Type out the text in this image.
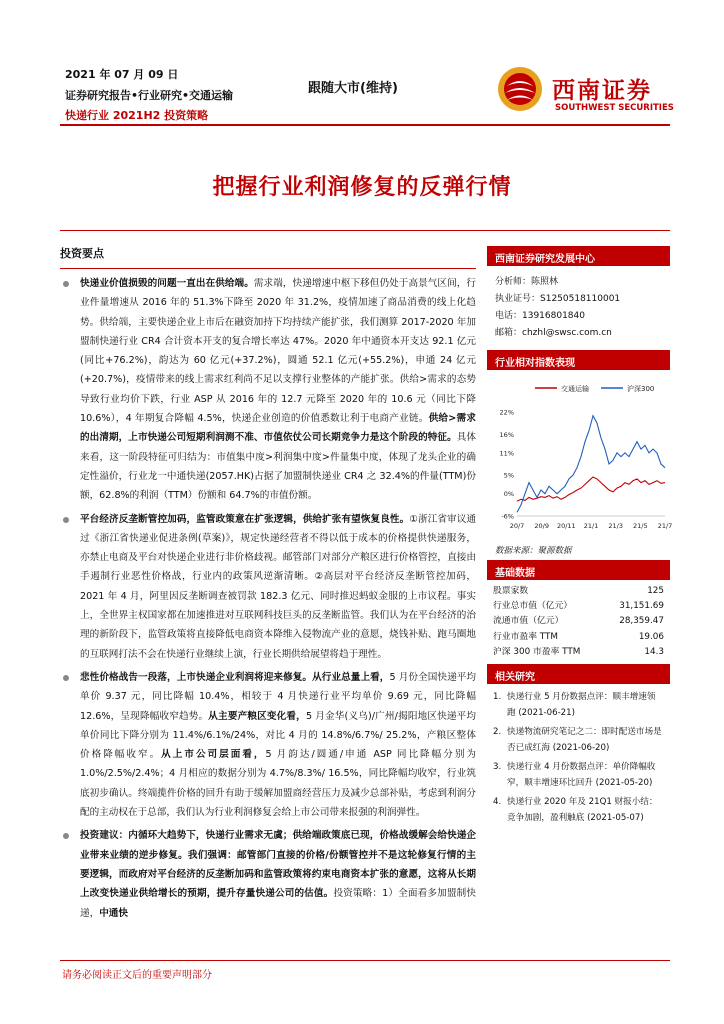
2021 年 07 月 09 日
证券研究报告•行业研究•交通运输
快递行业 2021H2 投资策略
跟随大市(维持)	西南证券
SOUTHWEST SECURITIES
把握行业利润修复的反弹行情
投资要点
快递业价值损毁的问题一直出在供给端。需求端，快递增速中枢下移但仍处于高景气区间，行业件量增速从 2016 年的 51.3%下降至 2020 年 31.2%，疫情加速了商品消费的线上化趋势。供给端，主要快递企业上市后在融资加持下均持续产能扩张，我们测算 2017-2020 年加盟制快递行业 CR4 合计资本开支的复合增长率达 47%。2020 年中通资本开支达 92.1 亿元(同比+76.2%)，韵达为 60 亿元(+37.2%)，圆通 52.1 亿元(+55.2%)，申通 24 亿元(+20.7%)，疫情带来的线上需求红利尚不足以支撑行业整体的产能扩张。供给>需求的态势导致行业均价下跌，行业 ASP 从 2016 年的 12.7 元降至 2020 年的 10.6 元（同比下降 10.6%），4 年期复合降幅 4.5%，快递企业创造的价值悉数让利于电商产业链。供给>需求的出清期，上市快递公司短期利润测不准、市值依仗公司长期竞争力是这个阶段的特征。具体来看，这一阶段特征可归结为：市值集中度>利润集中度>件量集中度，体现了龙头企业的确定性溢价，行业龙一中通快递(2057.HK)占据了加盟制快递业 CR4 之 32.4%的件量(TTM)份额，62.8%的利润（TTM）份额和 64.7%的市值份额。
平台经济反垄断管控加码，监管政策意在扩张逻辑，供给扩张有望恢复良性。①浙江省审议通过《浙江省快递业促进条例(草案)》，规定快递经营者不得以低于成本的价格提供快递服务，亦禁止电商及平台对快递企业进行非价格歧视。邮管部门对部分产粮区进行价格管控，直接由手遏制行业恶性价格战，行业内的政策风逆渐清晰。②高层对平台经济反垄断管控加码，2021 年 4 月，阿里因反垄断调查被罚款 182.3 亿元、同时推迟蚂蚁金服的上市议程。事实上，全世界主权国家都在加速推进对互联网科技巨头的反垄断监管。我们认为在平台经济的治理的新阶段下，监管政策将直接降低电商资本降维入侵物流产业的意愿，烧钱补贴、跑马圈地的互联网打法不会在快递行业继续上演，行业长期供给展望将趋于理性。
悲性价格战告一段落，上市快递企业利润将迎来修复。从行业总量上看，5 月份全国快递平均单价 9.37 元，同比降幅 10.4%，相较于 4 月快递行业平均单价 9.69 元，同比降幅 12.6%，呈现降幅收窄趋势。从主要产粮区变化看，5 月金华(义乌)/广州/揭阳地区快递平均单价同比下降分别为 11.4%/6.1%/24%，对比 4 月的 14.8%/6.7%/ 25.2%，产粮区整体价格降幅收窄。从上市公司层面看，5 月韵达/圆通/申通 ASP 同比降幅分别为 1.0%/2.5%/2.4%；4 月相应的数据分别为 4.7%/8.3%/ 16.5%，同比降幅均收窄，行业筑底初步确认。终端揽件价格的回升有助于缓解加盟商经营压力及减少总部补贴，考虑到利润分配的主动权在于总部，我们认为行业利润修复会给上市公司带来报强的利润弹性。
投资建议：内循环大趋势下，快递行业需求无虞；供给端政策底已现，价格战缓解会给快递企业带来业绩的逆步修复。我们强调：邮管部门直接的价格/份额管控并不是这轮修复行情的主要逻辑，而政府对平台经济的反垄断加码和监管政策将约束电商资本扩张的意愿，这将从长期上改变快递业供给增长的预期，提升存量快递公司的估值。投资策略：1）全面看多加盟制快递，中通快
西南证券研究发展中心
分析师：陈照林
执业证号：S1250518110001
电话：13916801840
邮箱：chzhl@swsc.com.cn
行业相对指数表现
交通运输	沪深300
22%
16%
11%
5%
0%
-6%
20/7 20/9 20/11 21/1 21/3 21/5 21/7
数据来源：聚源数据
基础数据
股票家数	125
行业总市值（亿元）	31,151.69
流通市值（亿元）	28,359.47
行业市盈率 TTM	19.06
沪深 300 市盈率 TTM	14.3
相关研究
1. 快递行业 5 月份数据点评：顺丰增速领跑 (2021-06-21)
2. 快递物流研究笔记之二：即时配送市场是否已成红海 (2021-06-20)
3. 快递行业 4 月份数据点评：单价降幅收窄，顺丰增速环比回升 (2021-05-20)
4. 快递行业 2020 年及 21Q1 财报小结：竞争加剧，盈利触底 (2021-05-07)
请务必阅读正文后的重要声明部分
